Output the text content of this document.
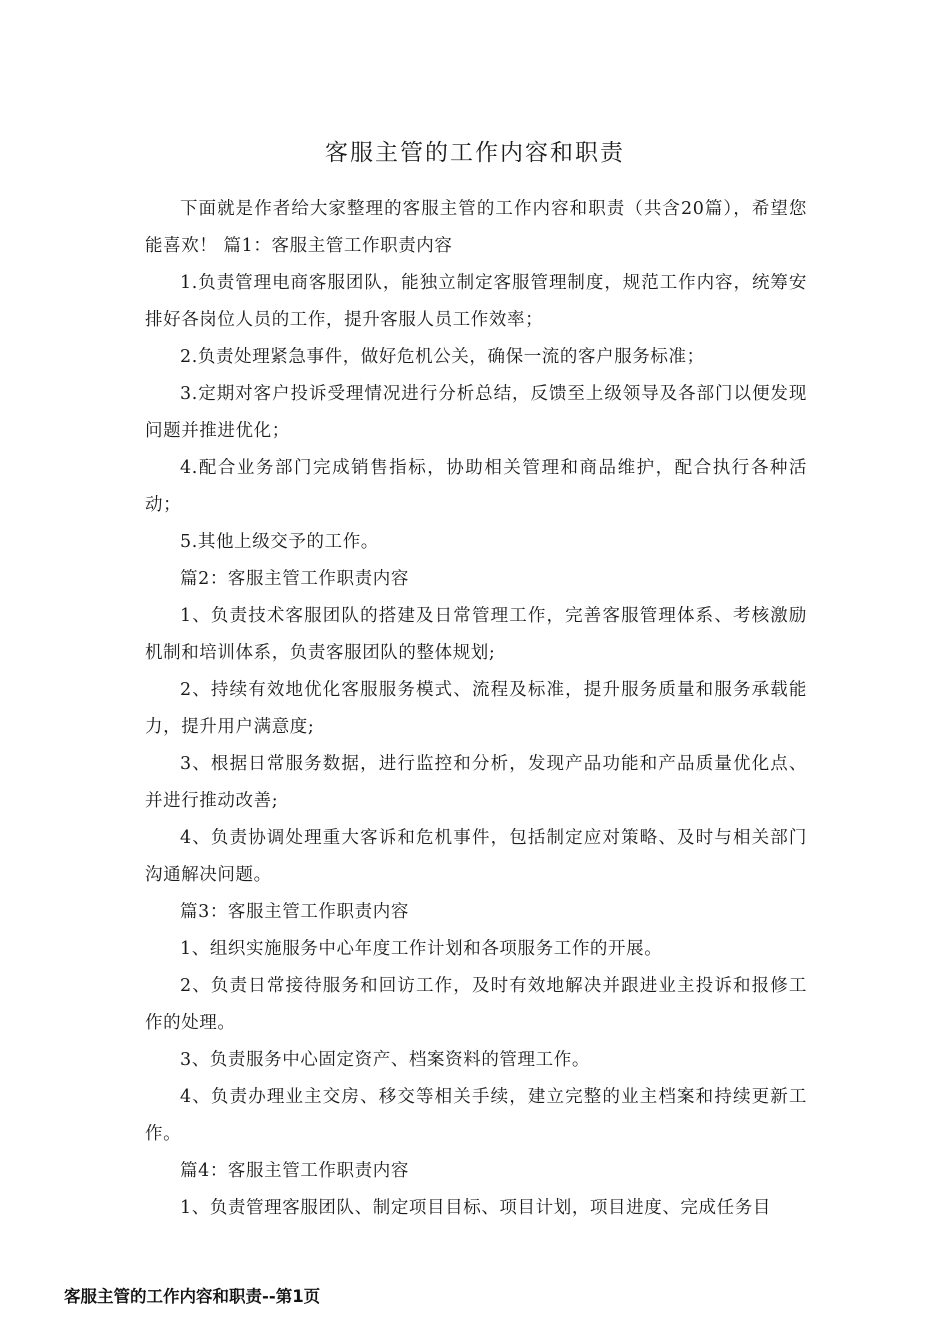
客服主管的工作内容和职责

下面就是作者给大家整理的客服主管的工作内容和职责（共含20篇），希望您能喜欢！ 篇1：客服主管工作职责内容

1.负责管理电商客服团队，能独立制定客服管理制度，规范工作内容，统筹安排好各岗位人员的工作，提升客服人员工作效率；

2.负责处理紧急事件，做好危机公关，确保一流的客户服务标准；

3.定期对客户投诉受理情况进行分析总结，反馈至上级领导及各部门以便发现问题并推进优化；

4.配合业务部门完成销售指标，协助相关管理和商品维护，配合执行各种活动；

5.其他上级交予的工作。

篇2：客服主管工作职责内容

1、负责技术客服团队的搭建及日常管理工作，完善客服管理体系、考核激励机制和培训体系，负责客服团队的整体规划;

2、持续有效地优化客服服务模式、流程及标准，提升服务质量和服务承载能力，提升用户满意度;

3、根据日常服务数据，进行监控和分析，发现产品功能和产品质量优化点、并进行推动改善;

4、负责协调处理重大客诉和危机事件，包括制定应对策略、及时与相关部门沟通解决问题。

篇3：客服主管工作职责内容

1、组织实施服务中心年度工作计划和各项服务工作的开展。

2、负责日常接待服务和回访工作，及时有效地解决并跟进业主投诉和报修工作的处理。

3、负责服务中心固定资产、档案资料的管理工作。

4、负责办理业主交房、移交等相关手续，建立完整的业主档案和持续更新工作。

篇4：客服主管工作职责内容

1、负责管理客服团队、制定项目目标、项目计划，项目进度、完成任务目

客服主管的工作内容和职责--第1页
